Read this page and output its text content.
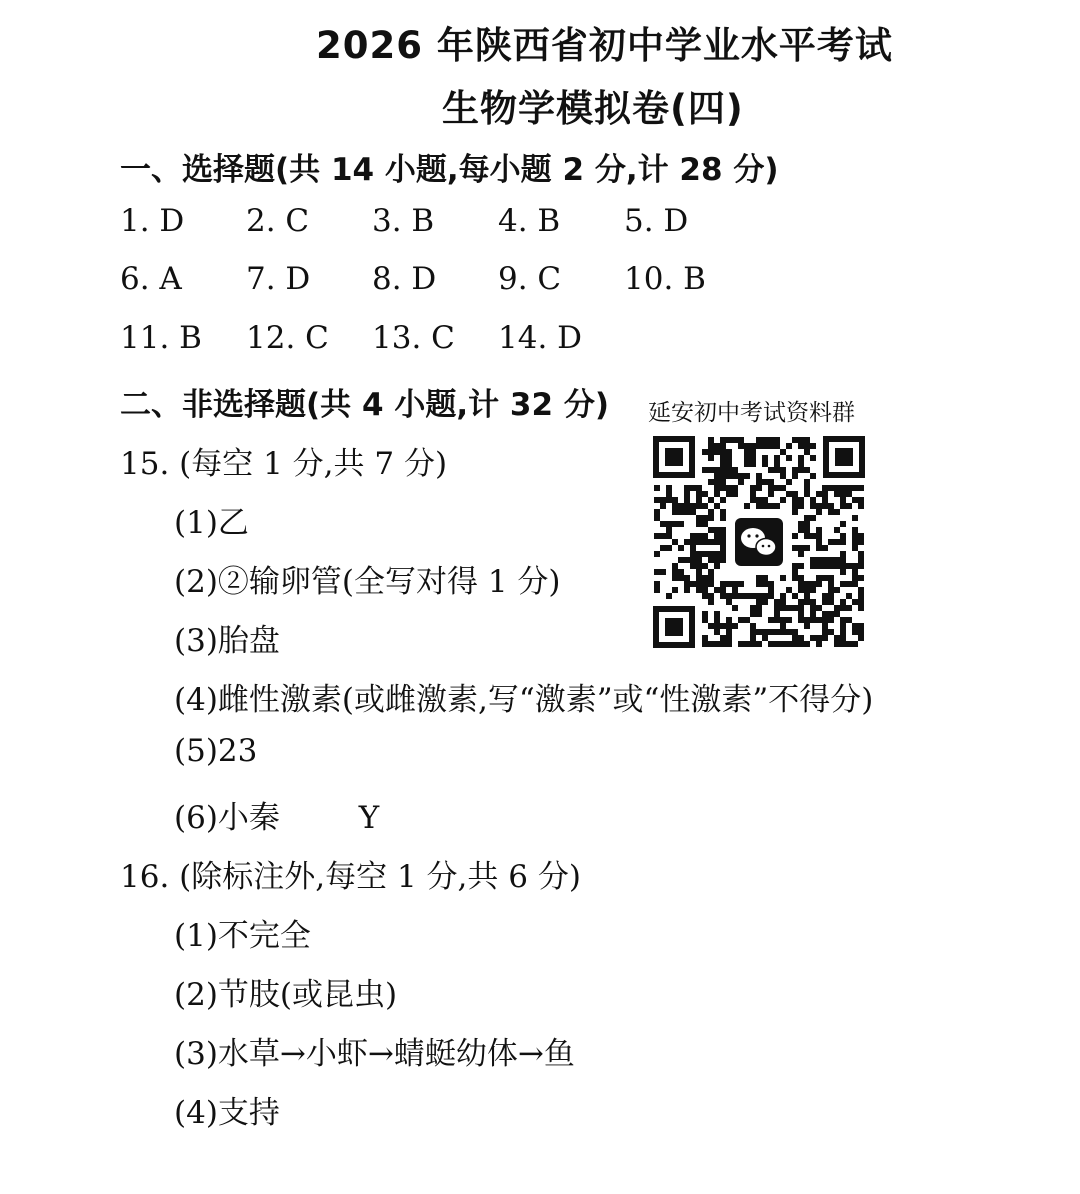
2026 年陕西省初中学业水平考试
生物学模拟卷(四)
一、选择题(共 14 小题,每小题 2 分,计 28 分)
1. D 2. C 3. B 4. B 5. D
6. A 7. D 8. D 9. C 10. B
11. B 12. C 13. C 14. D
二、非选择题(共 4 小题,计 32 分)
15. (每空 1 分,共 7 分)
(1)乙
(2)②输卵管(全写对得 1 分)
(3)胎盘
(4)雌性激素(或雌激素,写“激素”或“性激素”不得分)
(5)23
(6)小秦        Y
16. (除标注外,每空 1 分,共 6 分)
(1)不完全
(2)节肢(或昆虫)
(3)水草→小虾→蜻蜓幼体→鱼
(4)支持
延安初中考试资料群
